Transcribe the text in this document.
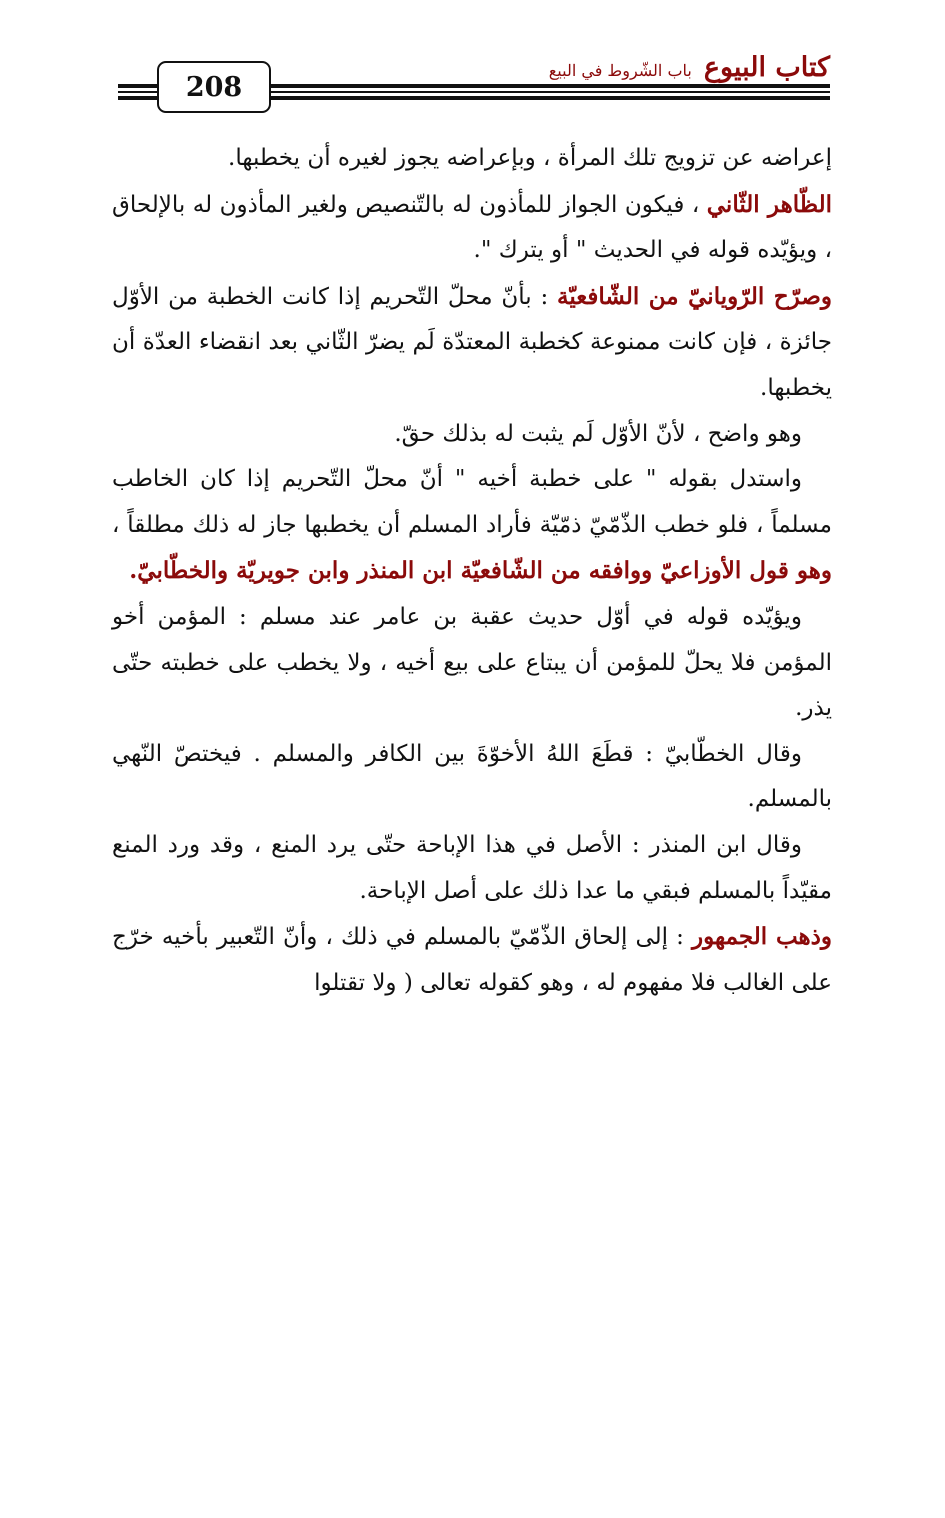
كتاب البيوع
باب الشّروط في البيع
208

إعراضه عن تزويج تلك المرأة ، وبإعراضه يجوز لغيره أن يخطبها.

الظّاهر الثّاني ، فيكون الجواز للمأذون له بالتّنصيص ولغير المأذون له بالإلحاق ، ويؤيّده قوله في الحديث " أو يترك ".

وصرّح الرّويانيّ من الشّافعيّة : بأنّ محلّ التّحريم إذا كانت الخطبة من الأوّل جائزة ، فإن كانت ممنوعة كخطبة المعتدّة لَم يضرّ الثّاني بعد انقضاء العدّة أن يخطبها.

وهو واضح ، لأنّ الأوّل لَم يثبت له بذلك حقّ.

واستدل بقوله " على خطبة أخيه " أنّ محلّ التّحريم إذا كان الخاطب مسلماً ، فلو خطب الذّمّيّ ذمّيّة فأراد المسلم أن يخطبها جاز له ذلك مطلقاً ، وهو قول الأوزاعيّ ووافقه من الشّافعيّة ابن المنذر وابن جويريّة والخطّابيّ.

ويؤيّده قوله في أوّل حديث عقبة بن عامر عند مسلم : المؤمن أخو المؤمن فلا يحلّ للمؤمن أن يبتاع على بيع أخيه ، ولا يخطب على خطبته حتّى يذر.

وقال الخطّابيّ : قطَعَ اللهُ الأخوّةَ بين الكافر والمسلم . فيختصّ النّهي بالمسلم.

وقال ابن المنذر : الأصل في هذا الإباحة حتّى يرد المنع ، وقد ورد المنع مقيّداً بالمسلم فبقي ما عدا ذلك على أصل الإباحة.

وذهب الجمهور : إلى إلحاق الذّمّيّ بالمسلم في ذلك ، وأنّ التّعبير بأخيه خرّج على الغالب فلا مفهوم له ، وهو كقوله تعالى ( ولا تقتلوا
